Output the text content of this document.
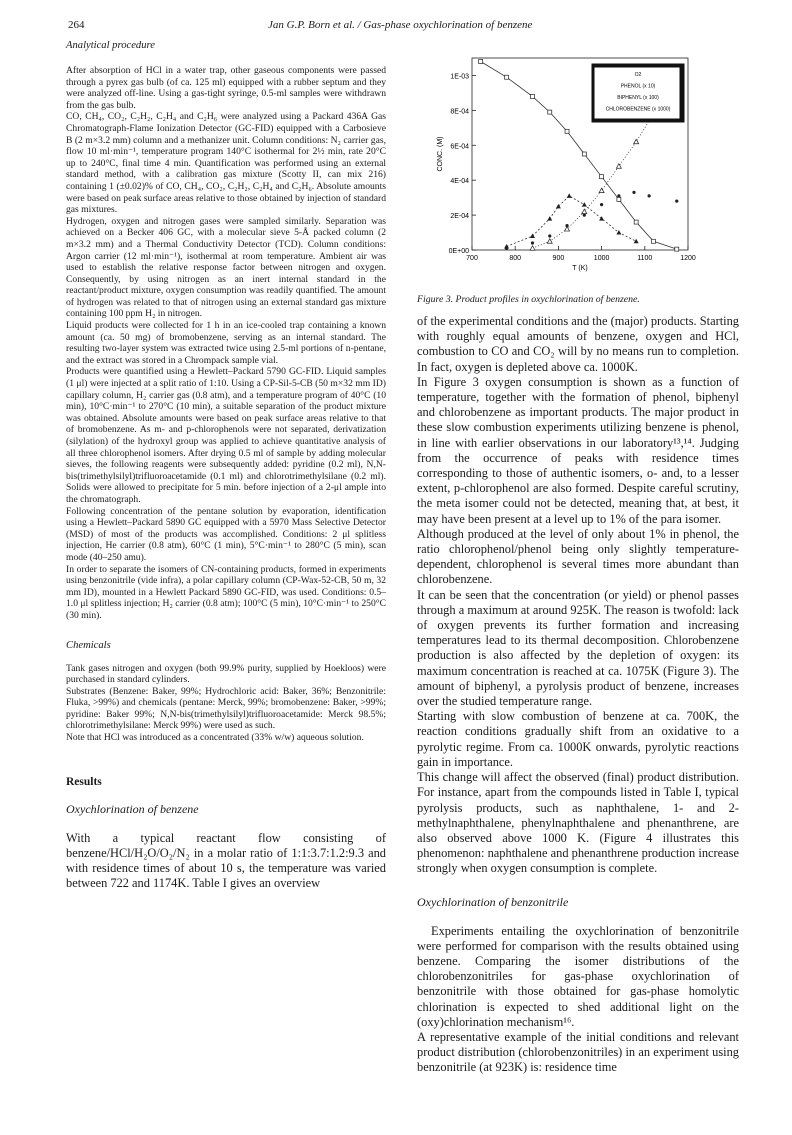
264	Jan G.P. Born et al. / Gas-phase oxychlorination of benzene
Analytical procedure

After absorption of HCl in a water trap, other gaseous components were passed through a pyrex gas bulb (of ca. 125 ml) equipped with a rubber septum and they were analyzed off-line. Using a gas-tight syringe, 0.5-ml samples were withdrawn from the gas bulb.

CO, CH₄, CO₂, C₂H₂, C₂H₄ and C₂H₆ were analyzed using a Packard 436A Gas Chromatograph-Flame Ionization Detector (GC-FID) equipped with a Carbosieve B (2 m×3.2 mm) column and a methanizer unit. Column conditions: N₂ carrier gas, flow 10 ml·min⁻¹, temperature program 140°C isothermal for 2½ min, rate 20°C up to 240°C, final time 4 min. Quantification was performed using an external standard method, with a calibration gas mixture (Scotty II, can mix 216) containing 1 (±0.02)% of CO, CH₄, CO₂, C₂H₂, C₂H₄ and C₂H₆. Absolute amounts were based on peak surface areas relative to those obtained by injection of standard gas mixtures.

Hydrogen, oxygen and nitrogen gases were sampled similarly. Separation was achieved on a Becker 406 GC, with a molecular sieve 5-Å packed column (2 m×3.2 mm) and a Thermal Conductivity Detector (TCD). Column conditions: Argon carrier (12 ml·min⁻¹), isothermal at room temperature. Ambient air was used to establish the relative response factor between nitrogen and oxygen. Consequently, by using nitrogen as an inert internal standard in the reactant/product mixture, oxygen consumption was readily quantified. The amount of hydrogen was related to that of nitrogen using an external standard gas mixture containing 100 ppm H₂ in nitrogen.

Liquid products were collected for 1 h in an ice-cooled trap containing a known amount (ca. 50 mg) of bromobenzene, serving as an internal standard. The resulting two-layer system was extracted twice using 2.5-ml portions of n-pentane, and the extract was stored in a Chrompack sample vial.

Products were quantified using a Hewlett–Packard 5790 GC-FID. Liquid samples (1 μl) were injected at a split ratio of 1:10. Using a CP-Sil-5-CB (50 m×32 mm ID) capillary column, H₂ carrier gas (0.8 atm), and a temperature program of 40°C (10 min), 10°C·min⁻¹ to 270°C (10 min), a suitable separation of the product mixture was obtained. Absolute amounts were based on peak surface areas relative to that of bromobenzene. As m- and p-chlorophenols were not separated, derivatization (silylation) of the hydroxyl group was applied to achieve quantitative analysis of all three chlorophenol isomers. After drying 0.5 ml of sample by adding molecular sieves, the following reagents were subsequently added: pyridine (0.2 ml), N,N-bis(trimethylsilyl)trifluoroacetamide (0.1 ml) and chlorotrimethylsilane (0.2 ml). Solids were allowed to precipitate for 5 min. before injection of a 2-μl ample into the chromatograph.

Following concentration of the pentane solution by evaporation, identification using a Hewlett–Packard 5890 GC equipped with a 5970 Mass Selective Detector (MSD) of most of the products was accomplished. Conditions: 2 μl splitless injection, He carrier (0.8 atm), 60°C (1 min), 5°C·min⁻¹ to 280°C (5 min), scan mode (40–250 amu).

In order to separate the isomers of CN-containing products, formed in experiments using benzonitrile (vide infra), a polar capillary column (CP-Wax-52-CB, 50 m, 32 mm ID), mounted in a Hewlett Packard 5890 GC-FID, was used. Conditions: 0.5–1.0 μl splitless injection; H₂ carrier (0.8 atm); 100°C (5 min), 10°C·min⁻¹ to 250°C (30 min).

Chemicals

Tank gases nitrogen and oxygen (both 99.9% purity, supplied by Hoekloos) were purchased in standard cylinders.

Substrates (Benzene: Baker, 99%; Hydrochloric acid: Baker, 36%; Benzonitrile: Fluka, >99%) and chemicals (pentane: Merck, 99%; bromobenzene: Baker, >99%; pyridine: Baker 99%; N,N-bis(trimethylsilyl)trifluoroacetamide: Merck 98.5%; chlorotrimethylsilane: Merck 99%) were used as such.

Note that HCl was introduced as a concentrated (33% w/w) aqueous solution.

Results
Oxychlorination of benzene

With a typical reactant flow consisting of benzene/HCl/H₂O/O₂/N₂ in a molar ratio of 1:1:3.7:1.2:9.3 and with residence times of about 10 s, the temperature was varied between 722 and 1174K. Table I gives an overview

0E+00
2E-04
4E-04
6E-04
8E-04
1E-03
700	800	900	1000	1100	1200
CONC. (M)
T (K)
O2
PHENOL (x 10)
BIPHENYL (x 100)
CHLOROBENZENE (x 1000)
Figure 3. Product profiles in oxychlorination of benzene.

of the experimental conditions and the (major) products. Starting with roughly equal amounts of benzene, oxygen and HCl, combustion to CO and CO₂ will by no means run to completion. In fact, oxygen is depleted above ca. 1000K.

In Figure 3 oxygen consumption is shown as a function of temperature, together with the formation of phenol, biphenyl and chlorobenzene as important products. The major product in these slow combustion experiments utilizing benzene is phenol, in line with earlier observations in our laboratory¹³,¹⁴. Judging from the occurrence of peaks with residence times corresponding to those of authentic isomers, o- and, to a lesser extent, p-chlorophenol are also formed. Despite careful scrutiny, the meta isomer could not be detected, meaning that, at best, it may have been present at a level up to 1% of the para isomer.

Although produced at the level of only about 1% in phenol, the ratio chlorophenol/phenol being only slightly temperature-dependent, chlorophenol is several times more abundant than chlorobenzene.

It can be seen that the concentration (or yield) or phenol passes through a maximum at around 925K. The reason is twofold: lack of oxygen prevents its further formation and increasing temperatures lead to its thermal decomposition. Chlorobenzene production is also affected by the depletion of oxygen: its maximum concentration is reached at ca. 1075K (Figure 3). The amount of biphenyl, a pyrolysis product of benzene, increases over the studied temperature range.

Starting with slow combustion of benzene at ca. 700K, the reaction conditions gradually shift from an oxidative to a pyrolytic regime. From ca. 1000K onwards, pyrolytic reactions gain in importance.

This change will affect the observed (final) product distribution. For instance, apart from the compounds listed in Table I, typical pyrolysis products, such as naphthalene, 1- and 2-methylnaphthalene, phenylnaphthalene and phenanthrene, are also observed above 1000 K. (Figure 4 illustrates this phenomenon: naphthalene and phenanthrene production increase strongly when oxygen consumption is complete.

Oxychlorination of benzonitrile

Experiments entailing the oxychlorination of benzonitrile were performed for comparison with the results obtained using benzene. Comparing the isomer distributions of the chlorobenzonitriles for gas-phase oxychlorination of benzonitrile with those obtained for gas-phase homolytic chlorination is expected to shed additional light on the (oxy)chlorination mechanism¹⁶.

A representative example of the initial conditions and relevant product distribution (chlorobenzonitriles) in an experiment using benzonitrile (at 923K) is: residence time
